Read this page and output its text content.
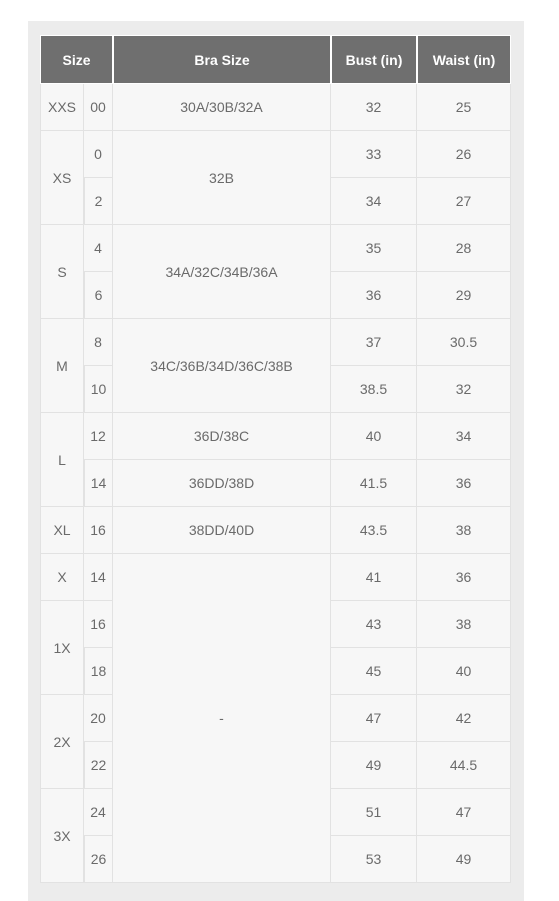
Size		Bra Size	Bust (in)	Waist (in)
XXS	00	30A/30B/32A	32	25
XS	0	32B	33	26
	2		34	27
S	4	34A/32C/34B/36A	35	28
	6		36	29
M	8	34C/36B/34D/36C/38B	37	30.5
	10		38.5	32
L	12	36D/38C	40	34
	14	36DD/38D	41.5	36
XL	16	38DD/40D	43.5	38
X	14	-	41	36
1X	16		43	38
	18		45	40
2X	20		47	42
	22		49	44.5
3X	24		51	47
	26		53	49
